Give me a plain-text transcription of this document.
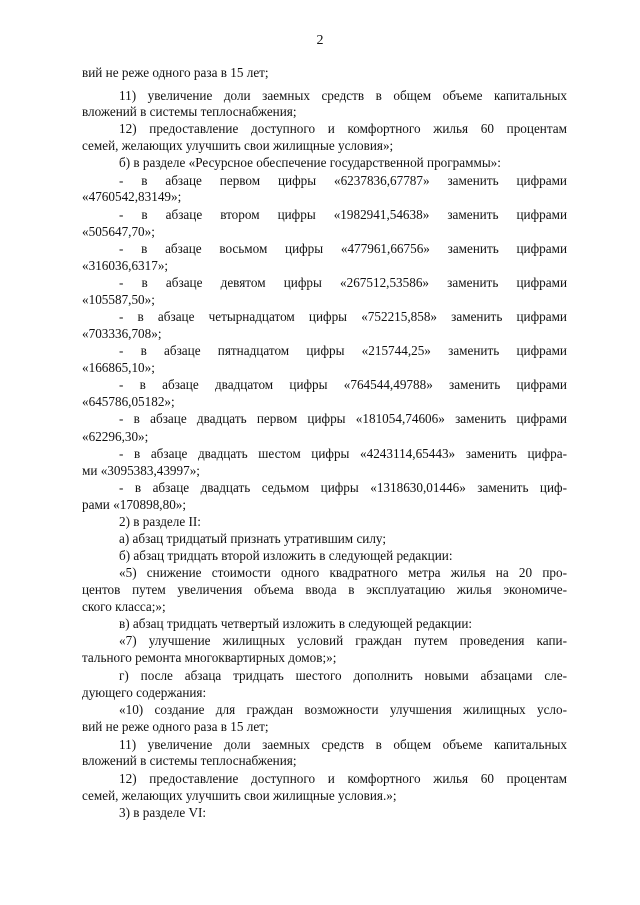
2
вий не реже одного раза в 15 лет;
11) увеличение доли заемных средств в общем объеме капитальных
вложений в системы теплоснабжения;
12) предоставление доступного и комфортного жилья 60 процентам
семей, желающих улучшить свои жилищные условия»;
б) в разделе «Ресурсное обеспечение государственной программы»:
- в абзаце первом цифры «6237836,67787» заменить цифрами
«4760542,83149»;
- в абзаце втором цифры «1982941,54638» заменить цифрами
«505647,70»;
- в абзаце восьмом цифры «477961,66756» заменить цифрами
«316036,6317»;
- в абзаце девятом цифры «267512,53586» заменить цифрами
«105587,50»;
- в абзаце четырнадцатом цифры «752215,858» заменить цифрами
«703336,708»;
- в абзаце пятнадцатом цифры «215744,25» заменить цифрами
«166865,10»;
- в абзаце двадцатом цифры «764544,49788» заменить цифрами
«645786,05182»;
- в абзаце двадцать первом цифры «181054,74606» заменить цифрами
«62296,30»;
- в абзаце двадцать шестом цифры «4243114,65443» заменить цифра-
ми «3095383,43997»;
- в абзаце двадцать седьмом цифры «1318630,01446» заменить циф-
рами «170898,80»;
2) в разделе II:
а) абзац тридцатый признать утратившим силу;
б) абзац тридцать второй изложить в следующей редакции:
«5) снижение стоимости одного квадратного метра жилья на 20 про-
центов путем увеличения объема ввода в эксплуатацию жилья экономиче-
ского класса;»;
в) абзац тридцать четвертый изложить в следующей редакции:
«7) улучшение жилищных условий граждан путем проведения капи-
тального ремонта многоквартирных домов;»;
г) после абзаца тридцать шестого дополнить новыми абзацами сле-
дующего содержания:
«10) создание для граждан возможности улучшения жилищных усло-
вий не реже одного раза в 15 лет;
11) увеличение доли заемных средств в общем объеме капитальных
вложений в системы теплоснабжения;
12) предоставление доступного и комфортного жилья 60 процентам
семей, желающих улучшить свои жилищные условия.»;
3) в разделе VI:
